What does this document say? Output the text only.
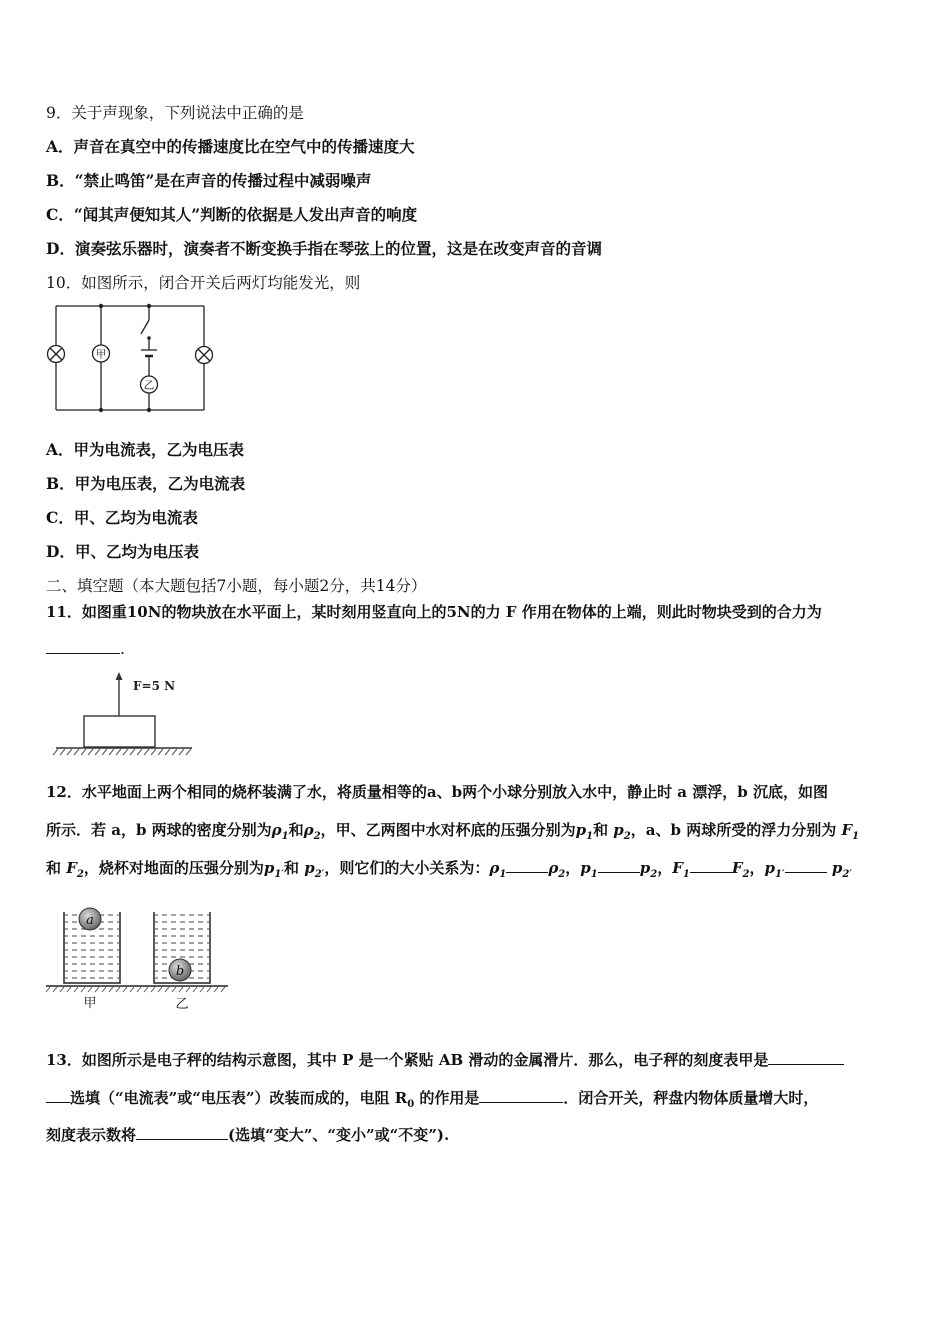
9．关于声现象，下列说法中正确的是
A．声音在真空中的传播速度比在空气中的传播速度大
B．“禁止鸣笛”是在声音的传播过程中减弱噪声
C．“闻其声便知其人”判断的依据是人发出声音的响度
D．演奏弦乐器时，演奏者不断变换手指在琴弦上的位置，这是在改变声音的音调
10．如图所示，闭合开关后两灯均能发光，则
甲
乙
A．甲为电流表，乙为电压表
B．甲为电压表，乙为电流表
C．甲、乙均为电流表
D．甲、乙均为电压表
二、填空题（本大题包括7小题，每小题2分，共14分）
11．如图重10N的物块放在水平面上，某时刻用竖直向上的5N的力 F 作用在物体的上端，则此时物块受到的合力为
.
F=5 N
12．水平地面上两个相同的烧杯装满了水，将质量相等的a、b两个小球分别放入水中，静止时 a 漂浮，b 沉底，如图
所示．若 a，b 两球的密度分别为$\rho_1$和$\rho_2$，甲、乙两图中水对杯底的压强分别为$p_1$和 $p_2$，a、b 两球所受的浮力分别为 $F_1$
和 $F_2$，烧杯对地面的压强分别为$p_{1'}$和 $p_{2'}$，则它们的大小关系为：$\rho_1$	$\rho_2$，$p_1$	$p_2$，$F_1$	$F_2$，$p_{1'}$	$p_{2'}$
a
b
甲	乙
13．如图所示是电子秤的结构示意图，其中 P 是一个紧贴 AB 滑动的金属滑片．那么，电子秤的刻度表甲是
选填（“电流表”或“电压表”）改装而成的，电阻 $R_0$ 的作用是	．闭合开关，秤盘内物体质量增大时，
刻度表示数将	(选填“变大”、“变小”或“不变”).
